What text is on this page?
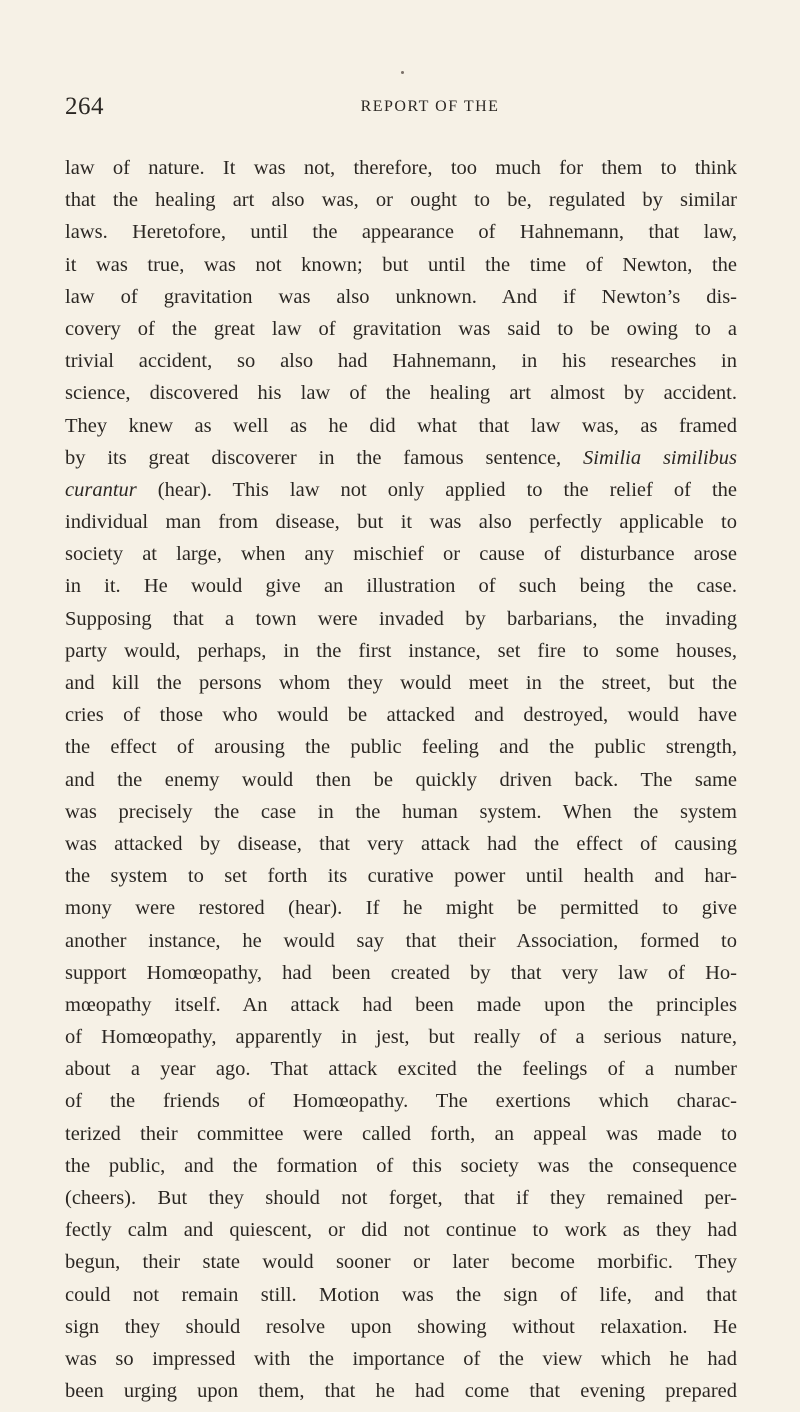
264	REPORT OF THE
law of nature. It was not, therefore, too much for them to think
that the healing art also was, or ought to be, regulated by similar
laws. Heretofore, until the appearance of Hahnemann, that law,
it was true, was not known; but until the time of Newton, the
law of gravitation was also unknown. And if Newton’s dis-
covery of the great law of gravitation was said to be owing to a
trivial accident, so also had Hahnemann, in his researches in
science, discovered his law of the healing art almost by accident.
They knew as well as he did what that law was, as framed
by its great discoverer in the famous sentence, Similia similibus
curantur (hear). This law not only applied to the relief of the
individual man from disease, but it was also perfectly applicable to
society at large, when any mischief or cause of disturbance arose
in it. He would give an illustration of such being the case.
Supposing that a town were invaded by barbarians, the invading
party would, perhaps, in the first instance, set fire to some houses,
and kill the persons whom they would meet in the street, but the
cries of those who would be attacked and destroyed, would have
the effect of arousing the public feeling and the public strength,
and the enemy would then be quickly driven back. The same
was precisely the case in the human system. When the system
was attacked by disease, that very attack had the effect of causing
the system to set forth its curative power until health and har-
mony were restored (hear). If he might be permitted to give
another instance, he would say that their Association, formed to
support Homœopathy, had been created by that very law of Ho-
mœopathy itself. An attack had been made upon the principles
of Homœopathy, apparently in jest, but really of a serious nature,
about a year ago. That attack excited the feelings of a number
of the friends of Homœopathy. The exertions which charac-
terized their committee were called forth, an appeal was made to
the public, and the formation of this society was the consequence
(cheers). But they should not forget, that if they remained per-
fectly calm and quiescent, or did not continue to work as they had
begun, their state would sooner or later become morbific. They
could not remain still. Motion was the sign of life, and that
sign they should resolve upon showing without relaxation. He
was so impressed with the importance of the view which he had
been urging upon them, that he had come that evening prepared
